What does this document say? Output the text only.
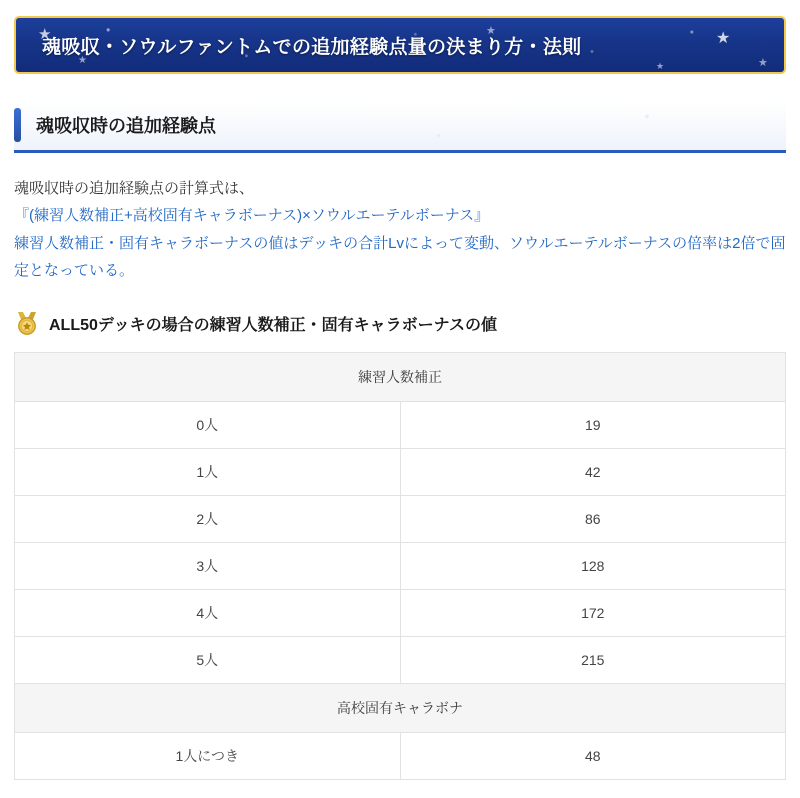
★
★
★	★
★
★
魂吸収・ソウルファントムでの追加経験点量の決まり方・法則
魂吸収時の追加経験点

魂吸収時の追加経験点の計算式は、

『(練習人数補正+高校固有キャラボーナス)×ソウルエーテルボーナス』

練習人数補正・固有キャラボーナスの値はデッキの合計Lvによって変動、ソウルエーテルボーナスの倍率は2倍で固定となっている。

ALL50デッキの場合の練習人数補正・固有キャラボーナスの値
練習人数補正	
0人	19
1人	42
2人	86
3人	128
4人	172
5人	215
高校固有キャラボナ	
1人につき	48
